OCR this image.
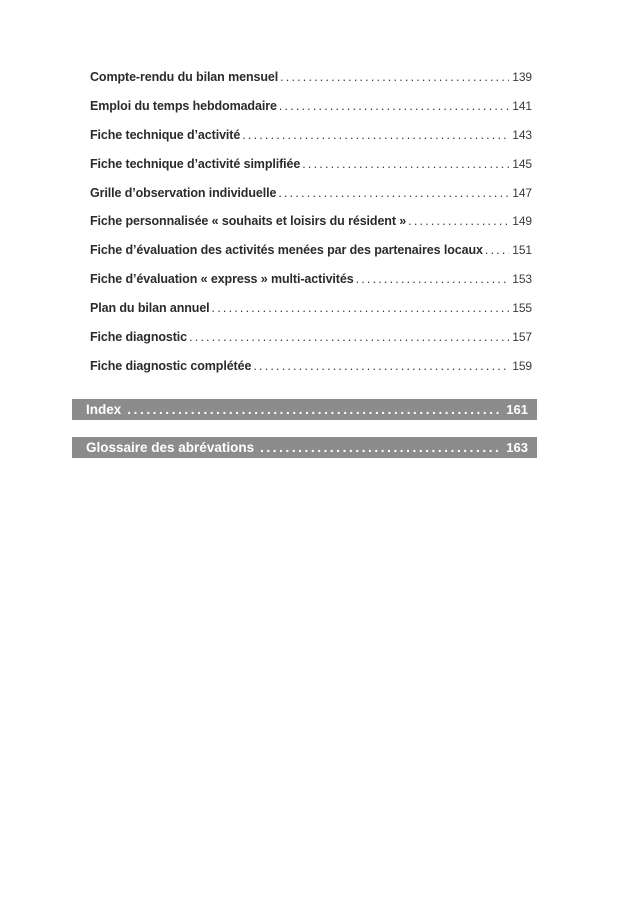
Compte-rendu du bilan mensuel .....	139
Emploi du temps hebdomadaire .....	141
Fiche technique d’activité .....	143
Fiche technique d’activité simplifiée .....	145
Grille d’observation individuelle .....	147
Fiche personnalisée « souhaits et loisirs du résident » .....	149
Fiche d’évaluation des activités menées par des partenaires locaux ..... 151
Fiche d’évaluation « express » multi-activités .....	153
Plan du bilan annuel .....	155
Fiche diagnostic .....	157
Fiche diagnostic complétée .....	159
Index .....	161
Glossaire des abrévations .....	163
